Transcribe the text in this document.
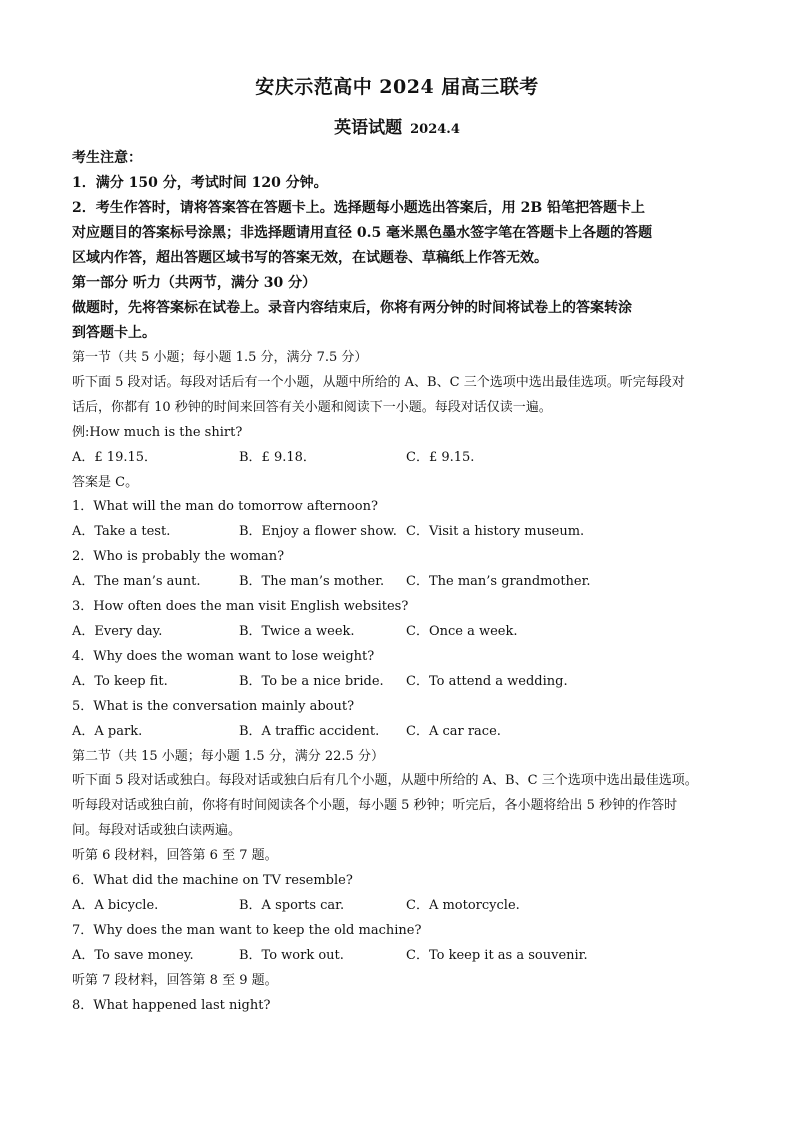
安庆示范高中 2024 届高三联考
英语试题 2024.4
考生注意：
1．满分 150 分，考试时间 120 分钟。
2．考生作答时，请将答案答在答题卡上。选择题每小题选出答案后，用 2B 铅笔把答题卡上
对应题目的答案标号涂黑；非选择题请用直径 0.5 毫米黑色墨水签字笔在答题卡上各题的答题
区域内作答，超出答题区域书写的答案无效，在试题卷、草稿纸上作答无效。
第一部分 听力（共两节，满分 30 分）
做题时，先将答案标在试卷上。录音内容结束后，你将有两分钟的时间将试卷上的答案转涂
到答题卡上。
第一节（共 5 小题；每小题 1.5 分，满分 7.5 分）
听下面 5 段对话。每段对话后有一个小题，从题中所给的 A、B、C 三个选项中选出最佳选项。听完每段对
话后，你都有 10 秒钟的时间来回答有关小题和阅读下一小题。每段对话仅读一遍。
例:How much is the shirt?
A．£ 19.15．	B．£ 9.18．	C．£ 9.15.
答案是 C。
1．What will the man do tomorrow afternoon?
A．Take a test.	B．Enjoy a flower show. C．Visit a history museum.
2．Who is probably the woman?
A．The man’s aunt.	B．The man’s mother.	C．The man’s grandmother.
3．How often does the man visit English websites?
A．Every day.	B．Twice a week.	C．Once a week.
4．Why does the woman want to lose weight?
A．To keep fit.	B．To be a nice bride.	C．To attend a wedding.
5．What is the conversation mainly about?
A．A park.	B．A traffic accident.	C．A car race.
第二节（共 15 小题；每小题 1.5 分，满分 22.5 分）
听下面 5 段对话或独白。每段对话或独白后有几个小题，从题中所给的 A、B、C 三个选项中选出最佳选项。
听每段对话或独白前，你将有时间阅读各个小题，每小题 5 秒钟；听完后，各小题将给出 5 秒钟的作答时
间。每段对话或独白读两遍。
听第 6 段材料，回答第 6 至 7 题。
6．What did the machine on TV resemble?
A．A bicycle.	B．A sports car.	C．A motorcycle.
7．Why does the man want to keep the old machine?
A．To save money.	B．To work out.	C．To keep it as a souvenir.
听第 7 段材料，回答第 8 至 9 题。
8．What happened last night?
